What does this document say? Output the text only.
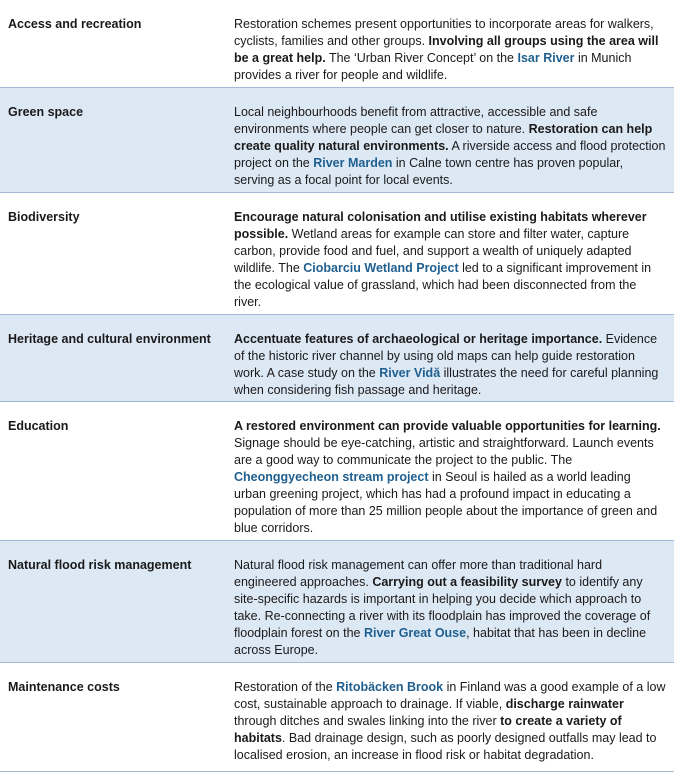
Access and recreation	Restoration schemes present opportunities to incorporate areas for walkers, cyclists, families and other groups. Involving all groups using the area will be a great help. The ‘Urban River Concept’ on the Isar River in Munich provides a river for people and wildlife.
Green space	Local neighbourhoods benefit from attractive, accessible and safe environments where people can get closer to nature. Restoration can help create quality natural environments. A riverside access and flood protection project on the River Marden in Calne town centre has proven popular, serving as a focal point for local events.
Biodiversity	Encourage natural colonisation and utilise existing habitats wherever possible. Wetland areas for example can store and filter water, capture carbon, provide food and fuel, and support a wealth of uniquely adapted wildlife. The Ciobarciu Wetland Project led to a significant improvement in the ecological value of grassland, which had been disconnected from the river.
Heritage and cultural environment	Accentuate features of archaeological or heritage importance. Evidence of the historic river channel by using old maps can help guide restoration work. A case study on the River Vidă illustrates the need for careful planning when considering fish passage and heritage.
Education	A restored environment can provide valuable opportunities for learning. Signage should be eye-catching, artistic and straightforward. Launch events are a good way to communicate the project to the public. The Cheonggyecheon stream project in Seoul is hailed as a world leading urban greening project, which has had a profound impact in educating a population of more than 25 million people about the importance of green and blue corridors.
Natural flood risk management	Natural flood risk management can offer more than traditional hard engineered approaches. Carrying out a feasibility survey to identify any site-specific hazards is important in helping you decide which approach to take. Re-connecting a river with its floodplain has improved the coverage of floodplain forest on the River Great Ouse, habitat that has been in decline across Europe.
Maintenance costs	Restoration of the Ritobäcken Brook in Finland was a good example of a low cost, sustainable approach to drainage. If viable, discharge rainwater through ditches and swales linking into the river to create a variety of habitats. Bad drainage design, such as poorly designed outfalls may lead to localised erosion, an increase in flood risk or habitat degradation.
